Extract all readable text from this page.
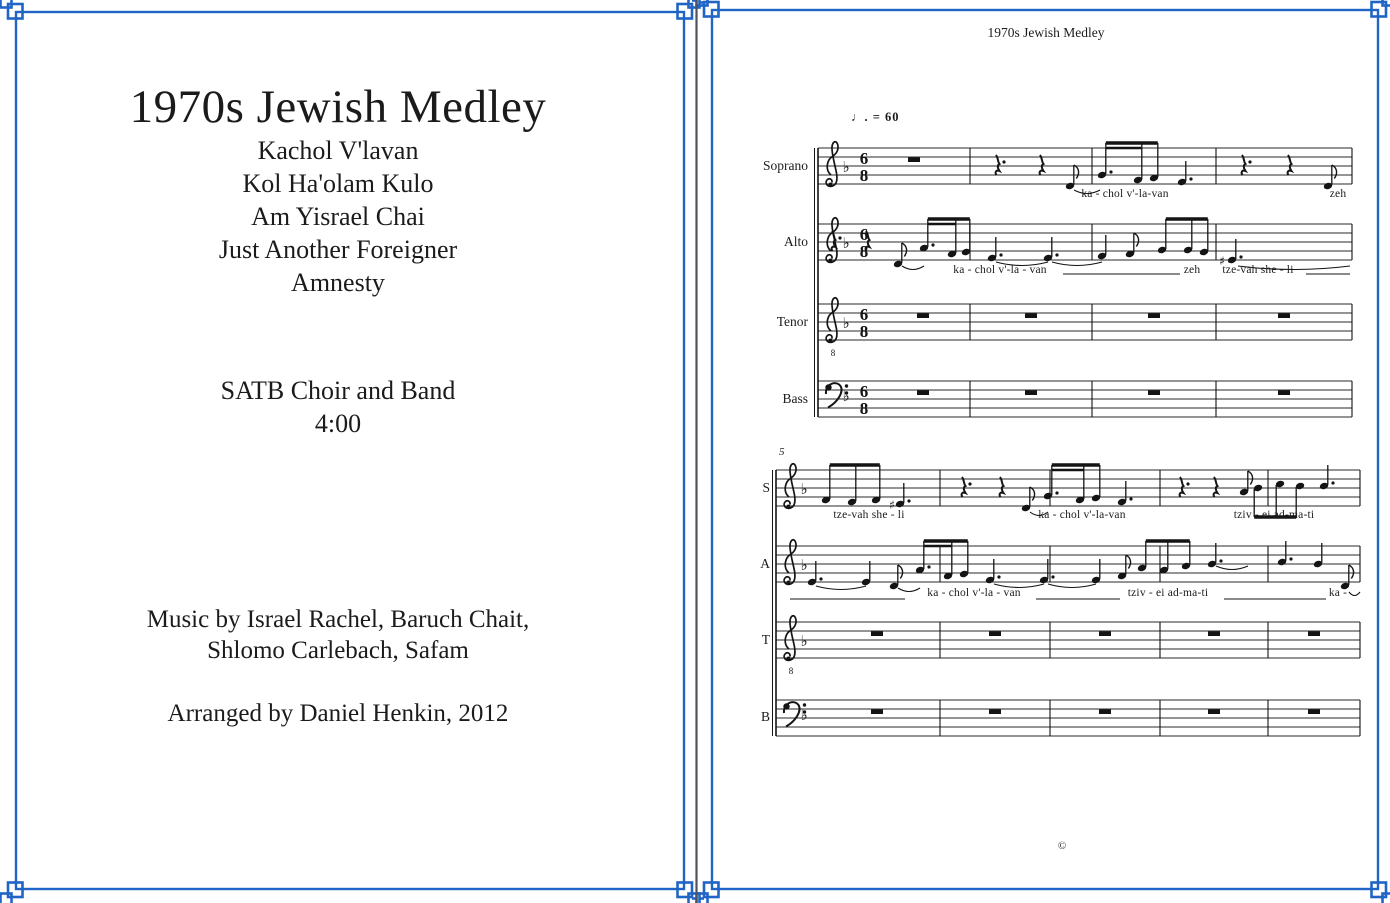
♭ 6
8
♭ 6
8	♯
8
♭ 6
8
♭ 6
8
♭
♯
♭
8
♭
♭
1970s Jewish Medley
Kachol V'lavan
Kol Ha'olam Kulo
Am Yisrael Chai
Just Another Foreigner
Amnesty
SATB Choir and Band
4:00
Music by Israel Rachel, Baruch Chait,
Shlomo Carlebach, Safam
Arranged by Daniel Henkin, 2012
1970s Jewish Medley
♩. = 60
5
Soprano
Alto
Tenor
Bass
S
A
T
B
ka - chol v'-la-van	zeh
ka - chol v'-la - van	zeh tze-vah she - li
tze-vah she - li	ka - chol v'-la-van	tziv - ei ad-ma-ti
ka - chol v'-la - van	tziv - ei ad-ma-ti	ka -
©
